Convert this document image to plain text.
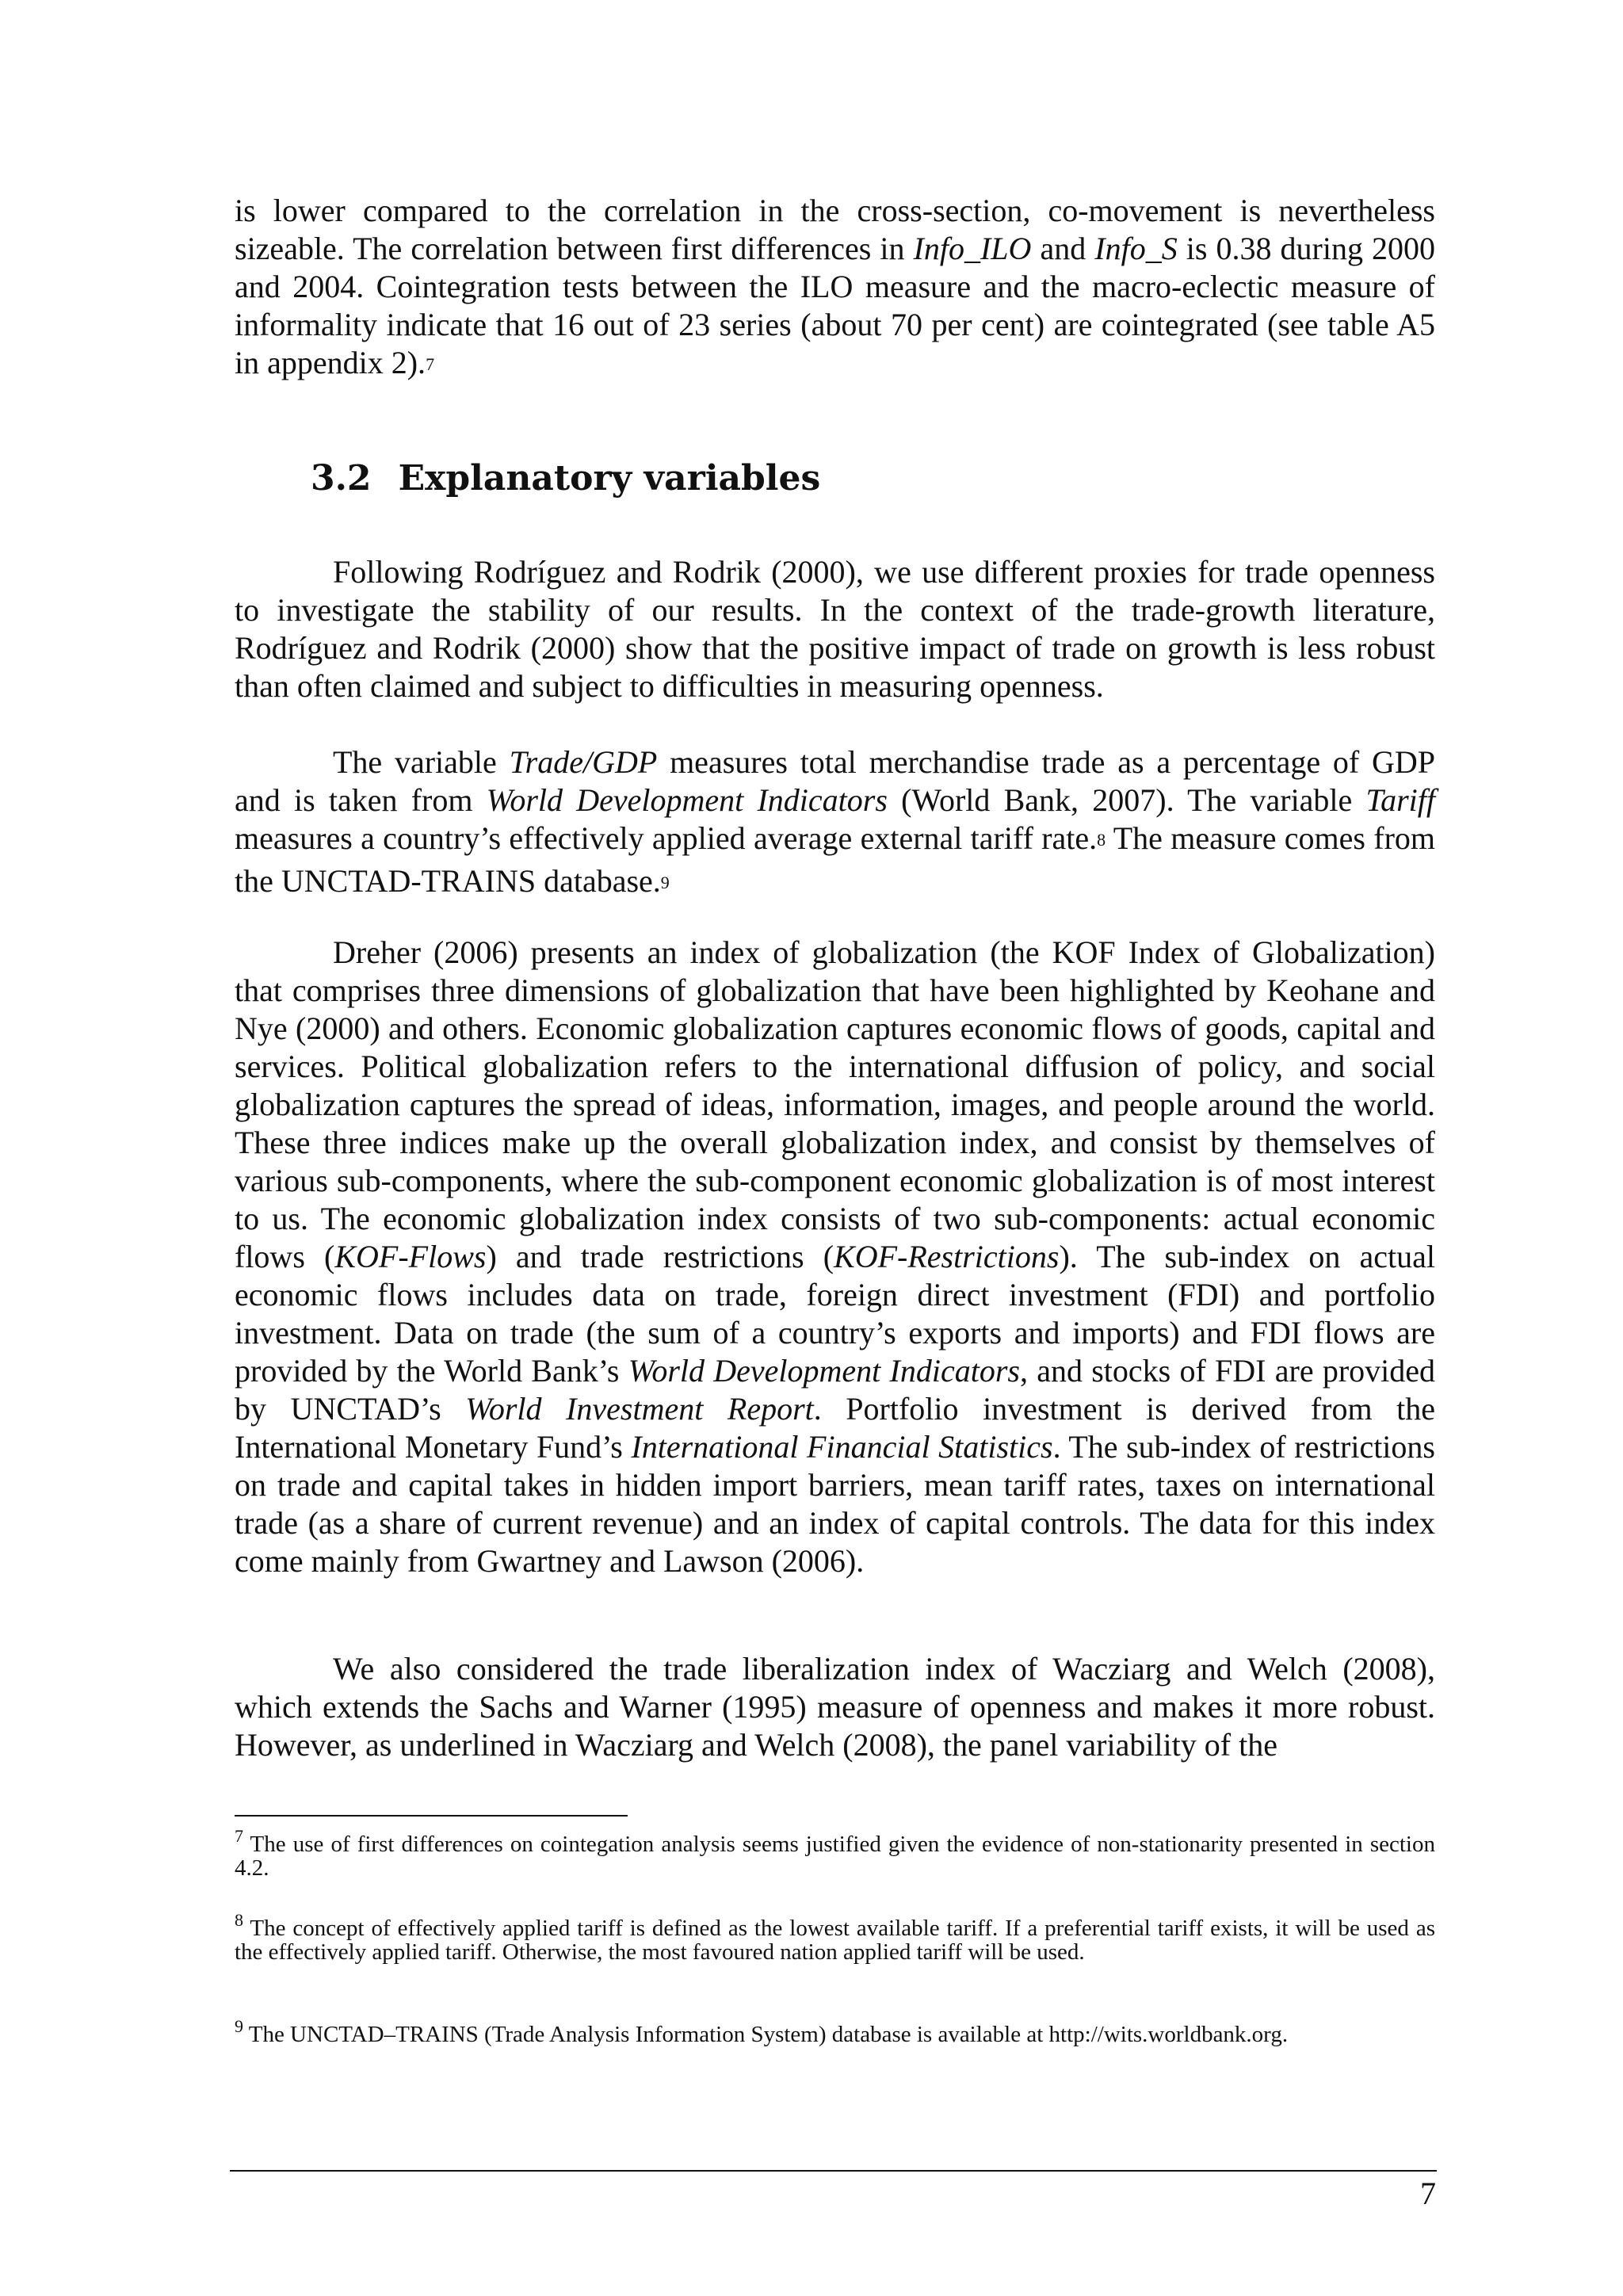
is lower compared to the correlation in the cross-section, co-movement is nevertheless sizeable. The correlation between first differences in Info_ILO and Info_S is 0.38 during 2000 and 2004. Cointegration tests between the ILO measure and the macro-eclectic measure of informality indicate that 16 out of 23 series (about 70 per cent) are cointegrated (see table A5 in appendix 2).7

3.2 Explanatory variables

Following Rodríguez and Rodrik (2000), we use different proxies for trade openness to investigate the stability of our results. In the context of the trade-growth literature, Rodríguez and Rodrik (2000) show that the positive impact of trade on growth is less robust than often claimed and subject to difficulties in measuring openness.

The variable Trade/GDP measures total merchandise trade as a percentage of GDP and is taken from World Development Indicators (World Bank, 2007). The variable Tariff measures a country’s effectively applied average external tariff rate.8 The measure comes from the UNCTAD-TRAINS database.9

Dreher (2006) presents an index of globalization (the KOF Index of Globalization) that comprises three dimensions of globalization that have been highlighted by Keohane and Nye (2000) and others. Economic globalization captures economic flows of goods, capital and services. Political globalization refers to the international diffusion of policy, and social globalization captures the spread of ideas, information, images, and people around the world. These three indices make up the overall globalization index, and consist by themselves of various sub-components, where the sub-component economic globalization is of most interest to us. The economic globalization index consists of two sub-components: actual economic flows (KOF-Flows) and trade restrictions (KOF-Restrictions). The sub-index on actual economic flows includes data on trade, foreign direct investment (FDI) and portfolio investment. Data on trade (the sum of a country’s exports and imports) and FDI flows are provided by the World Bank’s World Development Indicators, and stocks of FDI are provided by UNCTAD’s World Investment Report. Portfolio investment is derived from the International Monetary Fund’s International Financial Statistics. The sub-index of restrictions on trade and capital takes in hidden import barriers, mean tariff rates, taxes on international trade (as a share of current revenue) and an index of capital controls. The data for this index come mainly from Gwartney and Lawson (2006).

We also considered the trade liberalization index of Wacziarg and Welch (2008), which extends the Sachs and Warner (1995) measure of openness and makes it more robust. However, as underlined in Wacziarg and Welch (2008), the panel variability of the

$^7$ The use of first differences on cointegation analysis seems justified given the evidence of non-stationarity presented in section 4.2.

$^8$ The concept of effectively applied tariff is defined as the lowest available tariff. If a preferential tariff exists, it will be used as the effectively applied tariff. Otherwise, the most favoured nation applied tariff will be used.

$^9$ The UNCTAD–TRAINS (Trade Analysis Information System) database is available at http://wits.worldbank.org.

7
